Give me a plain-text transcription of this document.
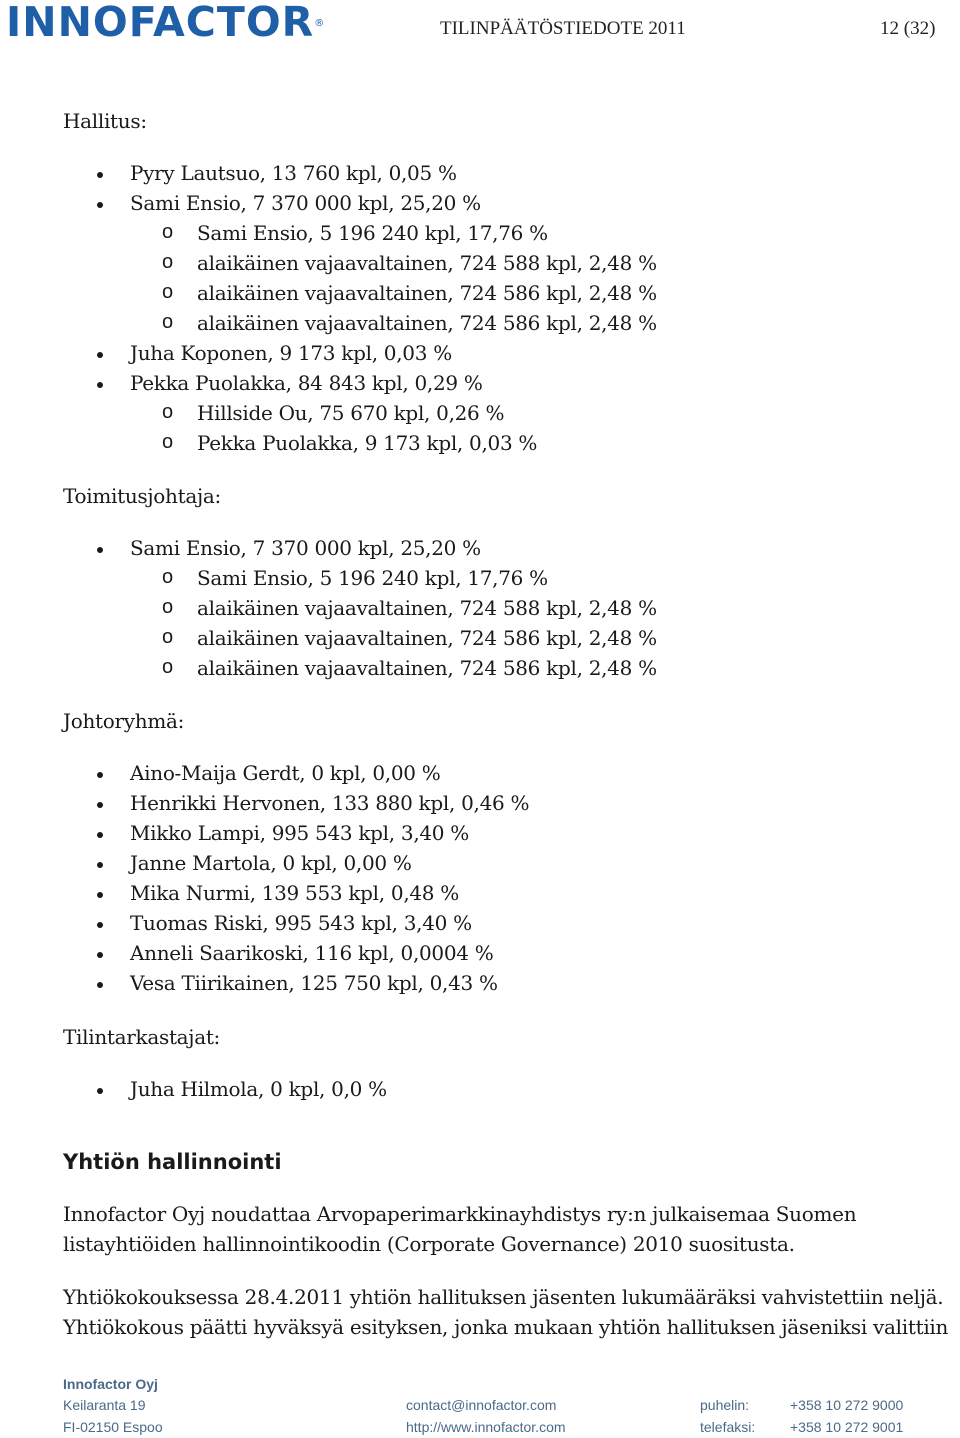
INNOFACTOR®	TILINPÄÄTÖSTIEDOTE 2011	12 (32)
Hallitus:
Pyry Lautsuo, 13 760 kpl, 0,05 %
Sami Ensio, 7 370 000 kpl, 25,20 %
o Sami Ensio, 5 196 240 kpl, 17,76 %
o alaikäinen vajaavaltainen, 724 588 kpl, 2,48 %
o alaikäinen vajaavaltainen, 724 586 kpl, 2,48 %
o alaikäinen vajaavaltainen, 724 586 kpl, 2,48 %
Juha Koponen, 9 173 kpl, 0,03 %
Pekka Puolakka, 84 843 kpl, 0,29 %
o Hillside Ou, 75 670 kpl, 0,26 %
o Pekka Puolakka, 9 173 kpl, 0,03 %
Toimitusjohtaja:
Sami Ensio, 7 370 000 kpl, 25,20 %
o Sami Ensio, 5 196 240 kpl, 17,76 %
o alaikäinen vajaavaltainen, 724 588 kpl, 2,48 %
o alaikäinen vajaavaltainen, 724 586 kpl, 2,48 %
o alaikäinen vajaavaltainen, 724 586 kpl, 2,48 %
Johtoryhmä:
Aino-Maija Gerdt, 0 kpl, 0,00 %
Henrikki Hervonen, 133 880 kpl, 0,46 %
Mikko Lampi, 995 543 kpl, 3,40 %
Janne Martola, 0 kpl, 0,00 %
Mika Nurmi, 139 553 kpl, 0,48 %
Tuomas Riski, 995 543 kpl, 3,40 %
Anneli Saarikoski, 116 kpl, 0,0004 %
Vesa Tiirikainen, 125 750 kpl, 0,43 %
Tilintarkastajat:
Juha Hilmola, 0 kpl, 0,0 %
Yhtiön hallinnointi
Innofactor Oyj noudattaa Arvopaperimarkkinayhdistys ry:n julkaisemaa Suomen
listayhtiöiden hallinnointikoodin (Corporate Governance) 2010 suositusta.
Yhtiökokouksessa 28.4.2011 yhtiön hallituksen jäsenten lukumääräksi vahvistettiin neljä.
Yhtiökokous päätti hyväksyä esityksen, jonka mukaan yhtiön hallituksen jäseniksi valittiin
Innofactor Oyj
Keilaranta 19
FI-02150 Espoo
contact@innofactor.com
http://www.innofactor.com
puhelin:	+358 10 272 9000
telefaksi: +358 10 272 9001
